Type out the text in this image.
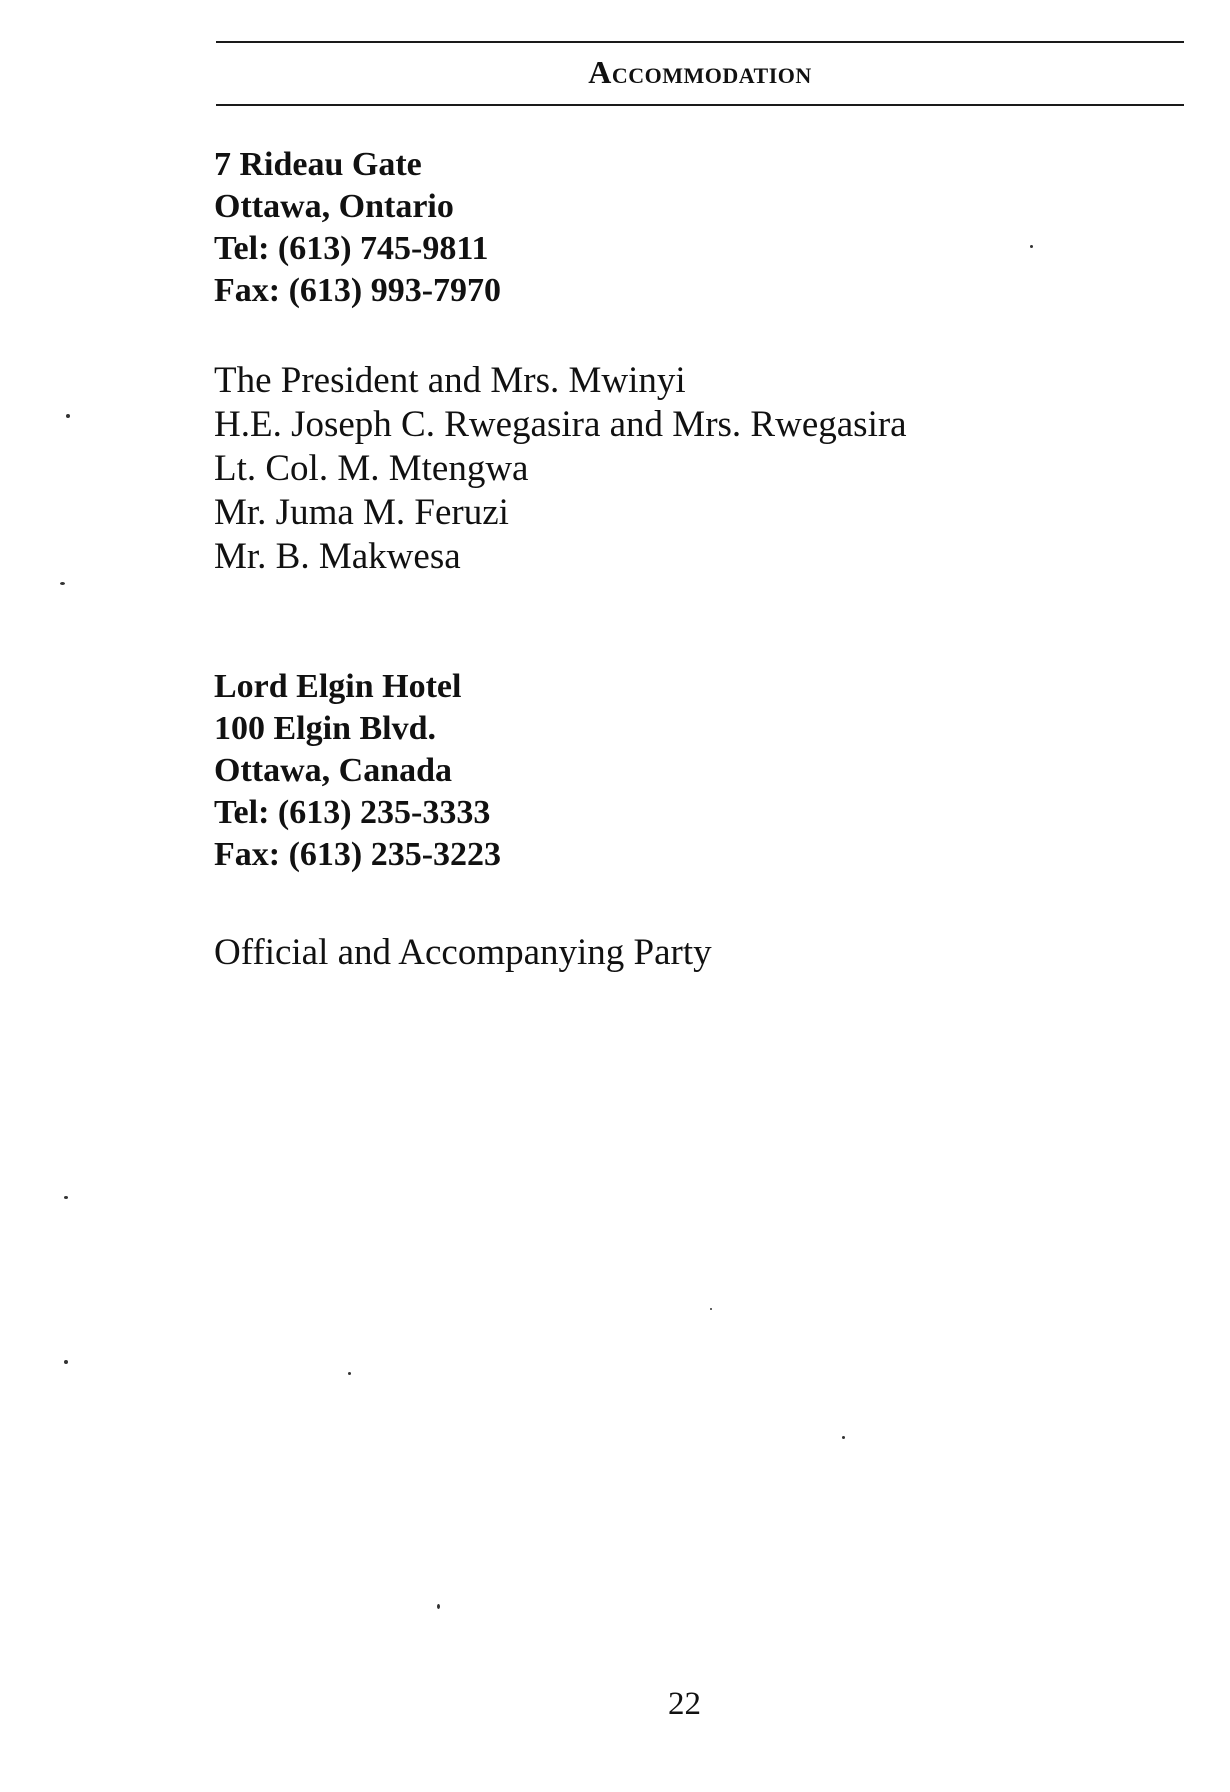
Accommodation
7 Rideau Gate
Ottawa, Ontario
Tel: (613) 745-9811
Fax: (613) 993-7970
The President and Mrs. Mwinyi
H.E. Joseph C. Rwegasira and Mrs. Rwegasira
Lt. Col. M. Mtengwa
Mr. Juma M. Feruzi
Mr. B. Makwesa
Lord Elgin Hotel
100 Elgin Blvd.
Ottawa, Canada
Tel: (613) 235-3333
Fax: (613) 235-3223
Official and Accompanying Party
22
